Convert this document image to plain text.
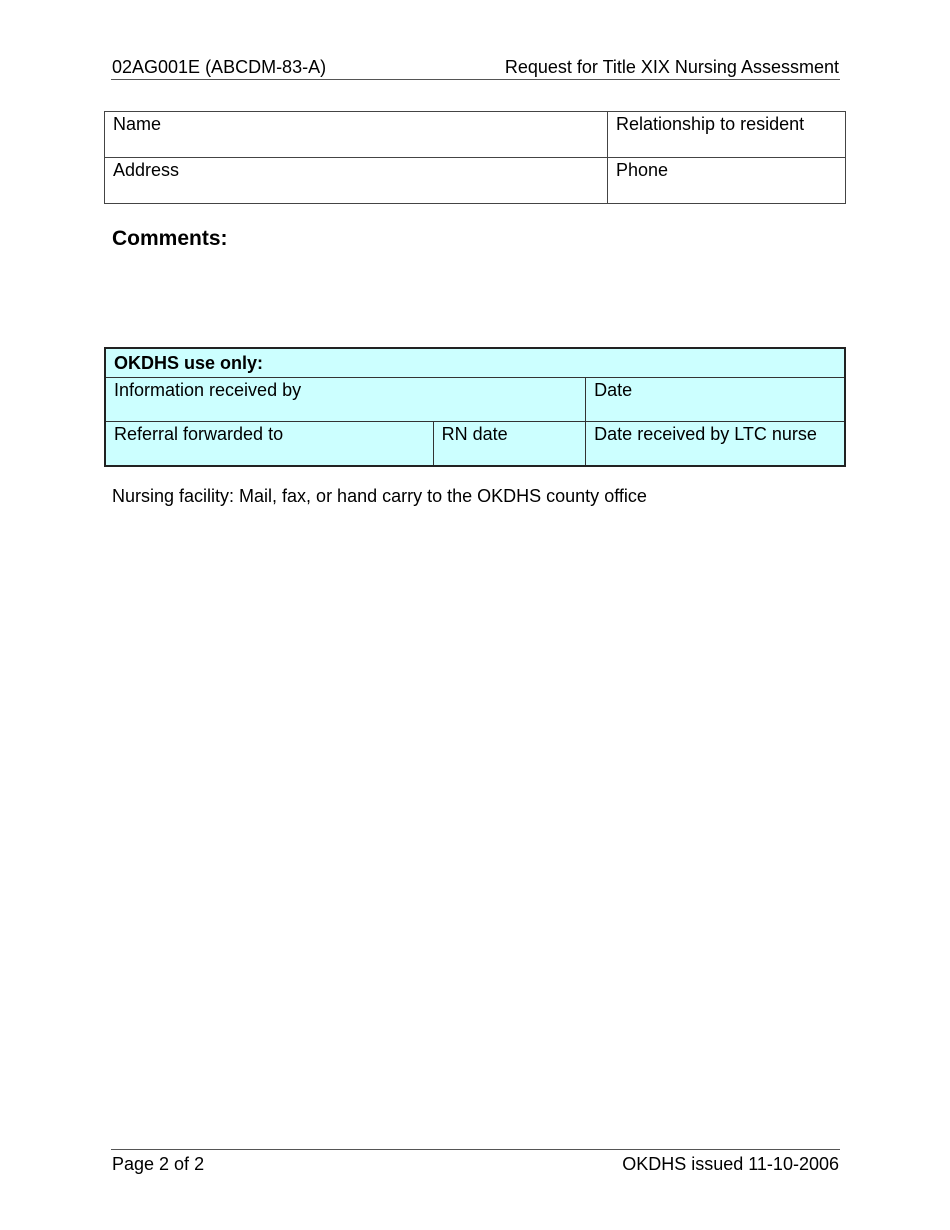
02AG001E (ABCDM-83-A)	Request for Title XIX Nursing Assessment
Name	Relationship to resident
Address	Phone
Comments:
OKDHS use only:		
Information received by		Date
Referral forwarded to	RN date	Date received by LTC nurse
Nursing facility: Mail, fax, or hand carry to the OKDHS county office
Page 2 of 2	OKDHS issued 11-10-2006
